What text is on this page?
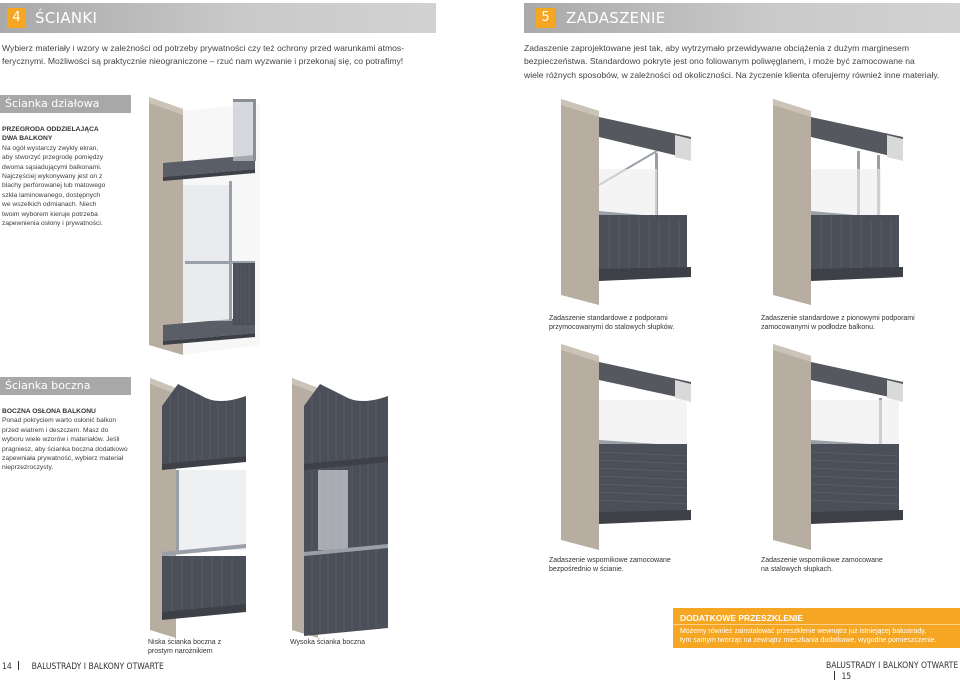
4 ŚCIANKI
Wybierz materiały i wzory w zależności od potrzeby prywatności czy też ochrony przed warunkami atmos-
ferycznymi. Możliwości są praktycznie nieograniczone – rzuć nam wyzwanie i przekonaj się, co potrafimy!
5	ZADASZENIE
Zadaszenie zaprojektowane jest tak, aby wytrzymało przewidywane obciążenia z dużym marginesem
bezpieczeństwa. Standardowo pokryte jest ono foliowanym poliwęglanem, i może być zamocowane na
wiele różnych sposobów, w zależności od okoliczności. Na życzenie klienta oferujemy również inne materiały.
Ścianka działowa
Ścianka boczna
PRZEGRODA ODDZIELAJĄCA
DWA BALKONY
Na ogół wystarczy zwykły ekran,
aby stworzyć przegrodę pomiędzy
dwoma sąsiadującymi balkonami.
Najczęściej wykonywany jest on z
blachy perforowanej lub matowego
szkła laminowanego, dostępnych
we wszelkich odmianach. Niech
twoim wyborem kieruje potrzeba
zapewnienia osłony i prywatności.
BOCZNA OSŁONA BALKONU
Ponad pokryciem warto osłonić balkon
przed wiatrem i deszczem. Masz do
wyboru wiele wzorów i materiałów. Jeśli
pragniesz, aby ścianka boczna dodatkowo
zapewniała prywatność, wybierz materiał
nieprzezroczysty.
Niska ścianka boczna z
prostym narożnikiem
Wysoka ścianka boczna
Zadaszenie standardowe z podporami
przymocowanymi do stalowych słupków.
Zadaszenie standardowe z pionowymi podporami
zamocowanymi w podłodze balkonu.
Zadaszenie wspornikowe zamocowane
bezpośrednio w ścianie.
Zadaszenie wspornikowe zamocowane
na stalowych słupkach.
DODATKOWE PRZESZKLENIE
Możemy również zainstalować przeszklenie wewnątrz już istniejącej balustrady,
tym samym tworząc na zewnątrz mieszkania dodatkowe, wygodne pomieszczenie.
14 BALUSTRADY I BALKONY OTWARTE	BALUSTRADY I BALKONY OTWARTE  15
